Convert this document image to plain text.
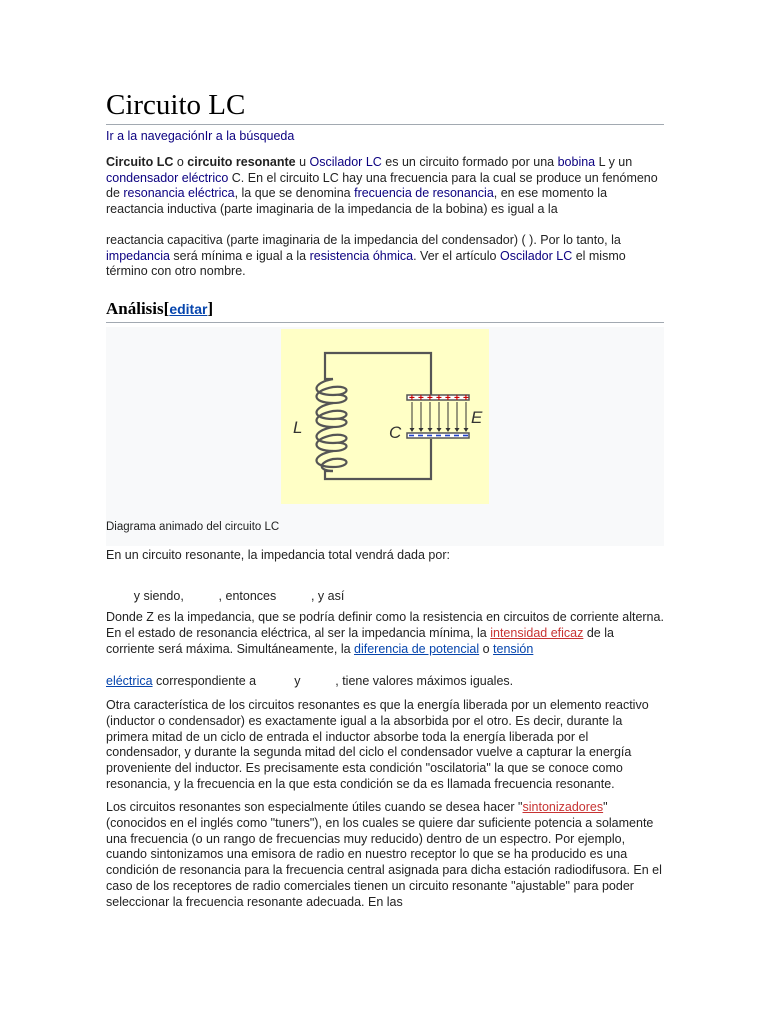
Circuito LC
Ir a la navegaciónIr a la búsqueda

Circuito LC o circuito resonante u Oscilador LC es un circuito formado por una bobina L y un condensador eléctrico C. En el circuito LC hay una frecuencia para la cual se produce un fenómeno de resonancia eléctrica, la que se denomina frecuencia de resonancia, en ese momento la reactancia inductiva (parte imaginaria de la impedancia de la bobina) es igual a la

reactancia capacitiva (parte imaginaria de la impedancia del condensador) ( ). Por lo tanto, la impedancia será mínima e igual a la resistencia óhmica. Ver el artículo Oscilador LC el mismo término con otro nombre.

Análisis[editar]
+ + + + + + +
L	C
E
Diagrama animado del circuito LC

En un circuito resonante, la impedancia total vendrá dada por:

y siendo,          , entonces          , y así

Donde Z es la impedancia, que se podría definir como la resistencia en circuitos de corriente alterna. En el estado de resonancia eléctrica, al ser la impedancia mínima, la intensidad eficaz de la corriente será máxima. Simultáneamente, la diferencia de potencial o tensión

eléctrica correspondiente a           y          , tiene valores máximos iguales.

Otra característica de los circuitos resonantes es que la energía liberada por un elemento reactivo (inductor o condensador) es exactamente igual a la absorbida por el otro. Es decir, durante la primera mitad de un ciclo de entrada el inductor absorbe toda la energía liberada por el condensador, y durante la segunda mitad del ciclo el condensador vuelve a capturar la energía proveniente del inductor. Es precisamente esta condición "oscilatoria" la que se conoce como resonancia, y la frecuencia en la que esta condición se da es llamada frecuencia resonante.

Los circuitos resonantes son especialmente útiles cuando se desea hacer "sintonizadores" (conocidos en el inglés como "tuners"), en los cuales se quiere dar suficiente potencia a solamente una frecuencia (o un rango de frecuencias muy reducido) dentro de un espectro. Por ejemplo, cuando sintonizamos una emisora de radio en nuestro receptor lo que se ha producido es una condición de resonancia para la frecuencia central asignada para dicha estación radiodifusora. En el caso de los receptores de radio comerciales tienen un circuito resonante "ajustable" para poder seleccionar la frecuencia resonante adecuada. En las
